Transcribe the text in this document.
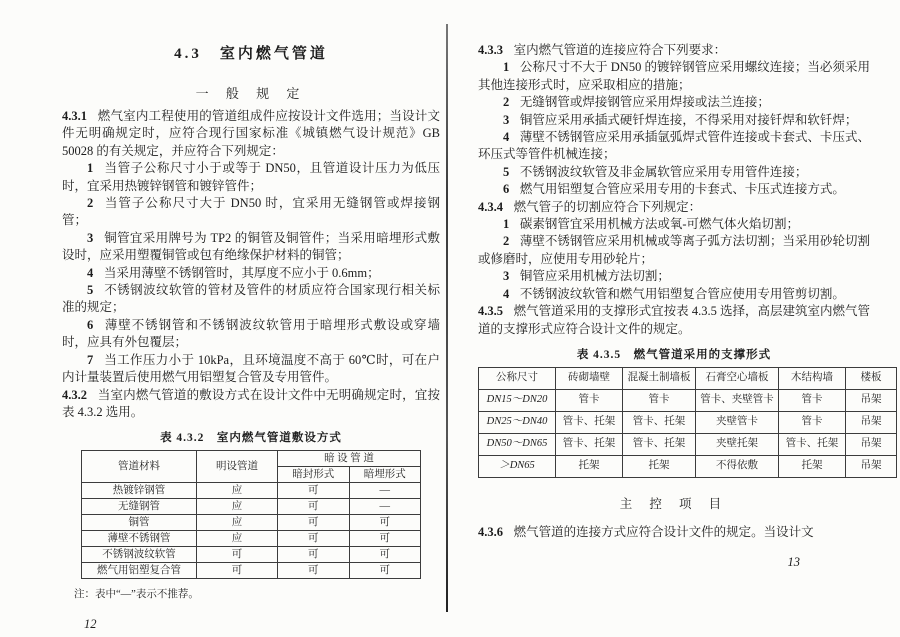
4.3　室内燃气管道
一 般 规 定

4.3.1 燃气室内工程使用的管道组成件应按设计文件选用；当设计文件无明确规定时，应符合现行国家标准《城镇燃气设计规范》GB 50028 的有关规定，并应符合下列规定：

1 当管子公称尺寸小于或等于 DN50，且管道设计压力为低压时，宜采用热镀锌钢管和镀锌管件；

2 当管子公称尺寸大于 DN50 时，宜采用无缝钢管或焊接钢管；

3 铜管宜采用牌号为 TP2 的铜管及铜管件；当采用暗埋形式敷设时，应采用塑覆铜管或包有绝缘保护材料的铜管；

4 当采用薄壁不锈钢管时，其厚度不应小于 0.6mm；

5 不锈钢波纹软管的管材及管件的材质应符合国家现行相关标准的规定；

6 薄壁不锈钢管和不锈钢波纹软管用于暗埋形式敷设或穿墙时，应具有外包覆层；

7 当工作压力小于 10kPa，且环境温度不高于 60℃时，可在户内计量装置后使用燃气用铝塑复合管及专用管件。

4.3.2 当室内燃气管道的敷设方式在设计文件中无明确规定时，宜按表 4.3.2 选用。

表 4.3.2　室内燃气管道敷设方式
管道材料	明设管道	暗 设 管 道	
		暗封形式	暗埋形式
热镀锌钢管	应	可	—
无缝钢管	应	可	—
铜管	应	可	可
薄壁不锈钢管	应	可	可
不锈钢波纹软管	可	可	可
燃气用铝塑复合管	可	可	可
注：表中“—”表示不推荐。
12

4.3.3 室内燃气管道的连接应符合下列要求：

1 公称尺寸不大于 DN50 的镀锌钢管应采用螺纹连接；当必须采用其他连接形式时，应采取相应的措施；

2 无缝钢管或焊接钢管应采用焊接或法兰连接；

3 铜管应采用承插式硬钎焊连接，不得采用对接钎焊和软钎焊；

4 薄壁不锈钢管应采用承插氩弧焊式管件连接或卡套式、卡压式、环压式等管件机械连接；

5 不锈钢波纹软管及非金属软管应采用专用管件连接；

6 燃气用铝塑复合管应采用专用的卡套式、卡压式连接方式。

4.3.4 燃气管子的切割应符合下列规定：

1 碳素钢管宜采用机械方法或氧-可燃气体火焰切割；

2 薄壁不锈钢管应采用机械或等离子弧方法切割；当采用砂轮切割或修磨时，应使用专用砂轮片；

3 铜管应采用机械方法切割；

4 不锈钢波纹软管和燃气用铝塑复合管应使用专用管剪切割。

4.3.5 燃气管道采用的支撑形式宜按表 4.3.5 选择，高层建筑室内燃气管道的支撑形式应符合设计文件的规定。

表 4.3.5　燃气管道采用的支撑形式
公称尺寸	砖砌墙壁	混凝土制墙板	石膏空心墙板	木结构墙	楼板
DN15～DN20	管卡	管卡	管卡、夹壁管卡	管卡	吊架
DN25～DN40	管卡、托架	管卡、托架	夹壁管卡	管卡	吊架
DN50～DN65	管卡、托架	管卡、托架	夹壁托架	管卡、托架	吊架
＞DN65	托架	托架	不得依敷	托架	吊架
主 控 项 目

4.3.6 燃气管道的连接方式应符合设计文件的规定。当设计文

13
